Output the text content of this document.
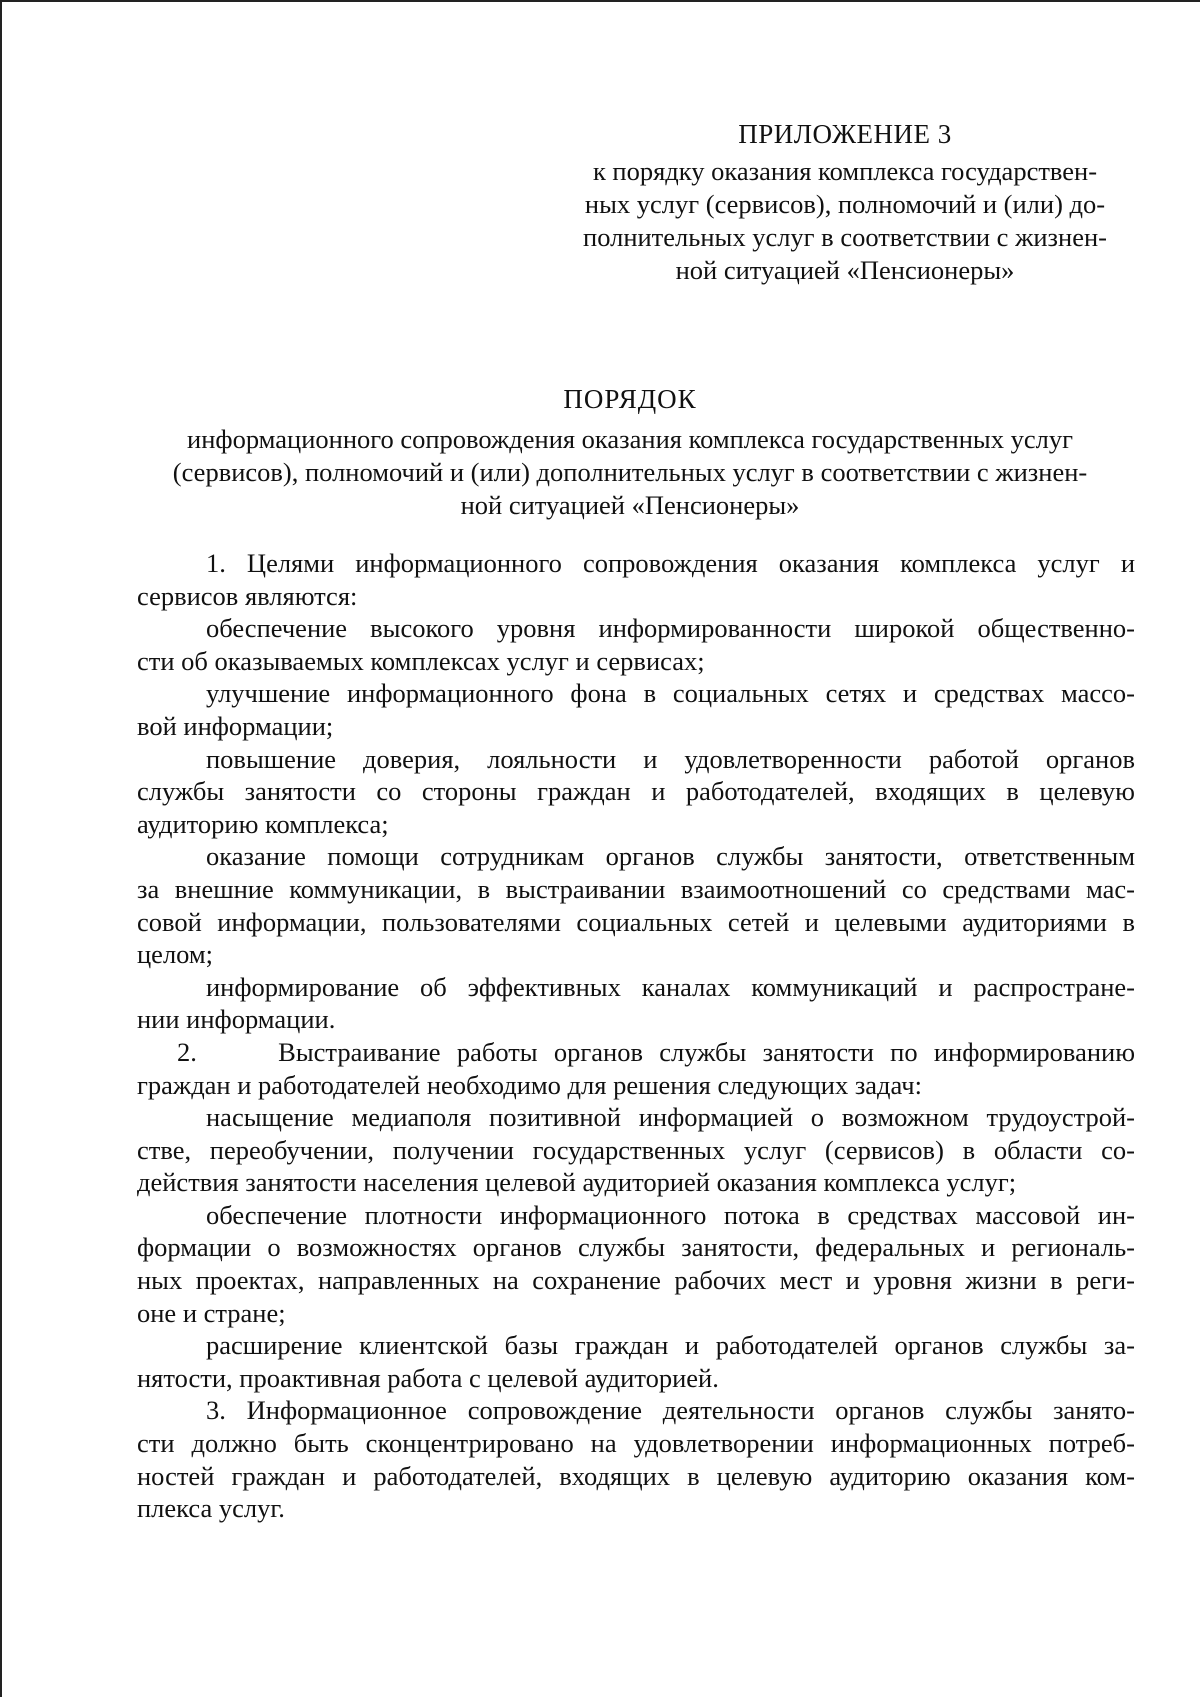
ПРИЛОЖЕНИЕ 3
к порядку оказания комплекса государствен-
ных услуг (сервисов), полномочий и (или) до-
полнительных услуг в соответствии с жизнен-
ной ситуацией «Пенсионеры»
ПОРЯДОК
информационного сопровождения оказания комплекса государственных услуг
(сервисов), полномочий и (или) дополнительных услуг в соответствии с жизнен-
ной ситуацией «Пенсионеры»
1. Целями информационного сопровождения оказания комплекса услуг и
сервисов являются:
обеспечение высокого уровня информированности широкой общественно-
сти об оказываемых комплексах услуг и сервисах;
улучшение информационного фона в социальных сетях и средствах массо-
вой информации;
повышение доверия, лояльности и удовлетворенности работой органов
службы занятости со стороны граждан и работодателей, входящих в целевую
аудиторию комплекса;
оказание помощи сотрудникам органов службы занятости, ответственным
за внешние коммуникации, в выстраивании взаимоотношений со средствами мас-
совой информации, пользователями социальных сетей и целевыми аудиториями в
целом;
информирование об эффективных каналах коммуникаций и распростране-
нии информации.
2.     Выстраивание работы органов службы занятости по информированию
граждан и работодателей необходимо для решения следующих задач:
насыщение медиаполя позитивной информацией о возможном трудоустрой-
стве, переобучении, получении государственных услуг (сервисов) в области со-
действия занятости населения целевой аудиторией оказания комплекса услуг;
обеспечение плотности информационного потока в средствах массовой ин-
формации о возможностях органов службы занятости, федеральных и региональ-
ных проектах, направленных на сохранение рабочих мест и уровня жизни в реги-
оне и стране;
расширение клиентской базы граждан и работодателей органов службы за-
нятости, проактивная работа с целевой аудиторией.
3. Информационное сопровождение деятельности органов службы занято-
сти должно быть сконцентрировано на удовлетворении информационных потреб-
ностей граждан и работодателей, входящих в целевую аудиторию оказания ком-
плекса услуг.
